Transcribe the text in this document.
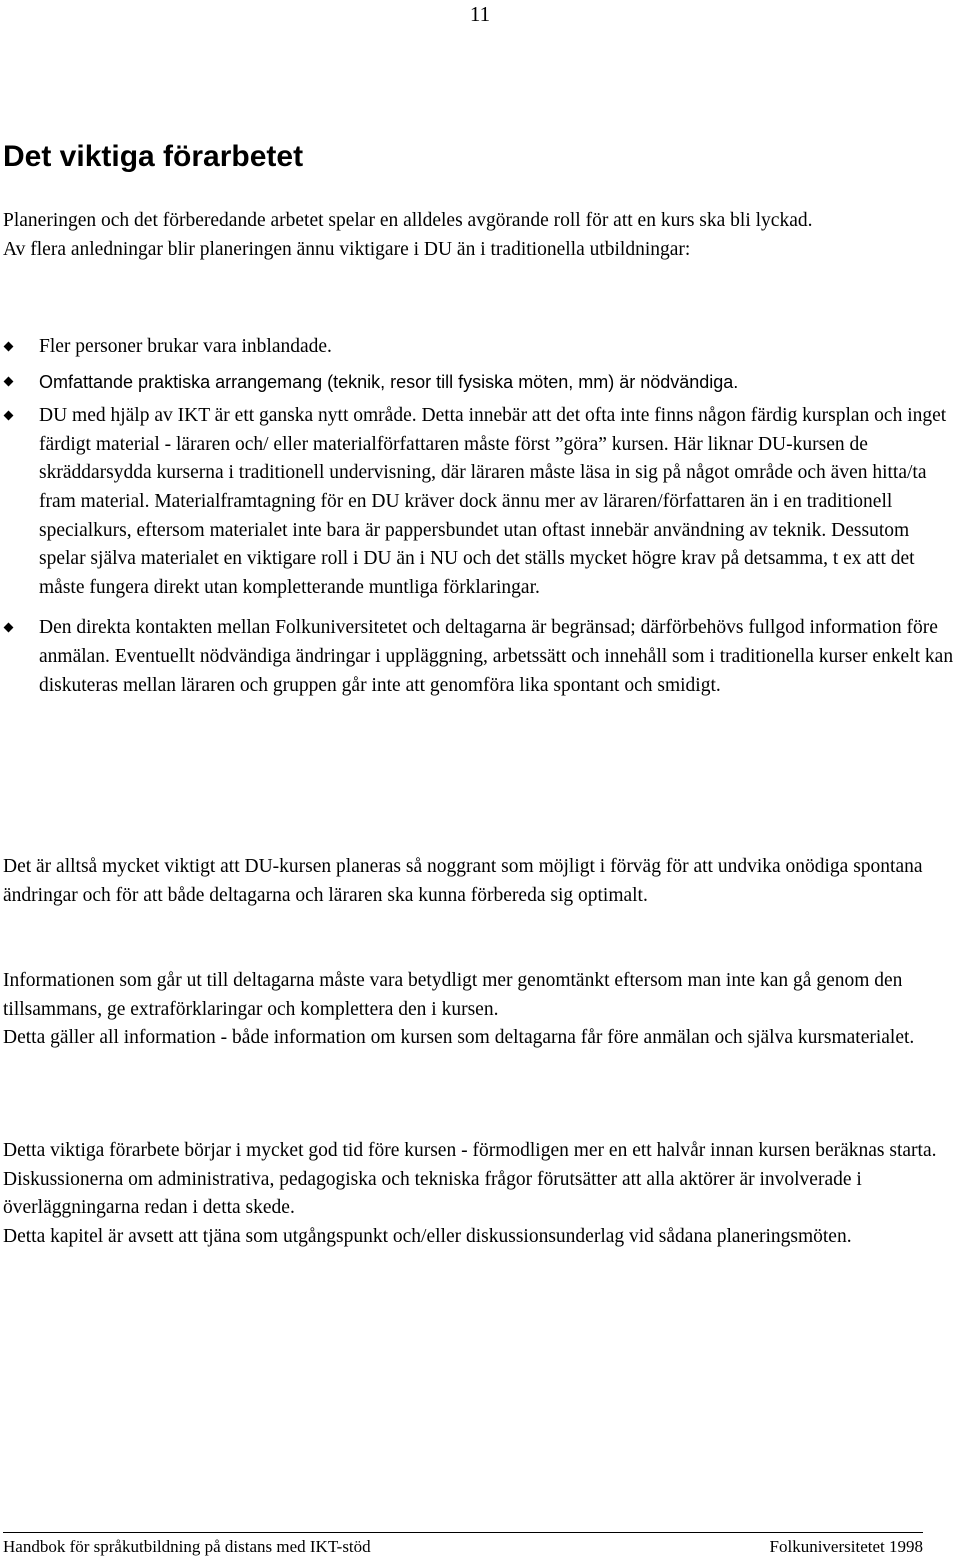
11
Det viktiga förarbetet
Planeringen och det förberedande arbetet spelar en alldeles avgörande roll för att en kurs ska bli lyckad.
Av flera anledningar blir planeringen ännu viktigare i DU än i traditionella utbildningar:
Fler personer brukar vara inblandade.
Omfattande praktiska arrangemang (teknik, resor till fysiska möten, mm) är nödvändiga.
DU med hjälp av IKT är ett ganska nytt område. Detta innebär att det ofta inte finns någon färdig kursplan och inget färdigt material - läraren och/ eller materialförfattaren måste först ”göra” kursen. Här liknar DU-kursen de skräddarsydda kurserna i traditionell undervisning, där läraren måste läsa in sig på något område och även hitta/ta fram material. Materialframtagning för en DU kräver dock ännu mer av läraren/författaren än i en traditionell specialkurs, eftersom materialet inte bara är pappersbundet utan oftast innebär användning av teknik. Dessutom spelar själva materialet en viktigare roll i DU än i NU och det ställs mycket högre krav på detsamma, t ex att det måste fungera direkt utan kompletterande muntliga förklaringar.
Den direkta kontakten mellan Folkuniversitetet och deltagarna är begränsad; därförbehövs fullgod information före anmälan. Eventuellt nödvändiga ändringar i uppläggning, arbetssätt och innehåll som i traditionella kurser enkelt kan diskuteras mellan läraren och gruppen går inte att genomföra lika spontant och smidigt.

Det är alltså mycket viktigt att DU-kursen planeras så noggrant som möjligt i förväg för att undvika onödiga spontana ändringar och för att både deltagarna och läraren ska kunna förbereda sig optimalt.

Informationen som går ut till deltagarna måste vara betydligt mer genomtänkt eftersom man inte kan gå genom den tillsammans, ge extraförklaringar och komplettera den i kursen.
Detta gäller all information - både information om kursen som deltagarna får före anmälan och själva kursmaterialet.
Detta viktiga förarbete börjar i mycket god tid före kursen - förmodligen mer en ett halvår innan kursen beräknas starta.
Diskussionerna om administrativa, pedagogiska och tekniska frågor förutsätter att alla aktörer är involverade i överläggningarna redan i detta skede.
Detta kapitel är avsett att tjäna som utgångspunkt och/eller diskussionsunderlag vid sådana planeringsmöten.
Handbok för språkutbildning på distans med IKT-stöd	Folkuniversitetet 1998
